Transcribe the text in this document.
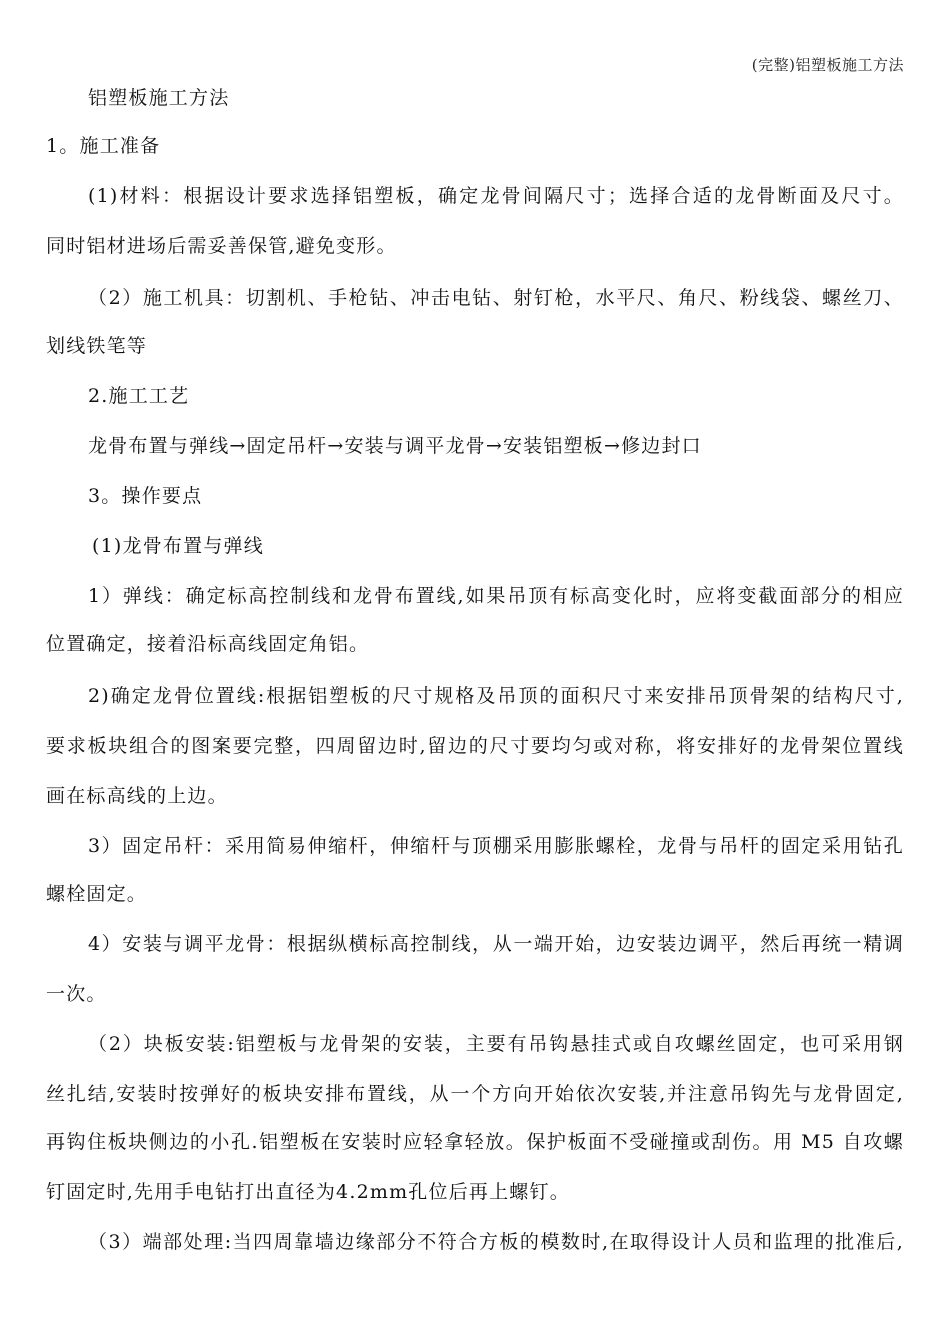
(完整)铝塑板施工方法
铝塑板施工方法
1。施工准备
(1)材料：根据设计要求选择铝塑板，确定龙骨间隔尺寸；选择合适的龙骨断面及尺寸。
同时铝材进场后需妥善保管,避免变形。
（2）施工机具：切割机、手枪钻、冲击电钻、射钉枪，水平尺、角尺、粉线袋、螺丝刀、
划线铁笔等
2.施工工艺
龙骨布置与弹线→固定吊杆→安装与调平龙骨→安装铝塑板→修边封口
3。操作要点
(1)龙骨布置与弹线
1）弹线：确定标高控制线和龙骨布置线,如果吊顶有标高变化时，应将变截面部分的相应
位置确定，接着沿标高线固定角铝。
2)确定龙骨位置线:根据铝塑板的尺寸规格及吊顶的面积尺寸来安排吊顶骨架的结构尺寸,
要求板块组合的图案要完整，四周留边时,留边的尺寸要均匀或对称，将安排好的龙骨架位置线
画在标高线的上边。
3）固定吊杆：采用简易伸缩杆，伸缩杆与顶棚采用膨胀螺栓，龙骨与吊杆的固定采用钻孔
螺栓固定。
4）安装与调平龙骨：根据纵横标高控制线，从一端开始，边安装边调平，然后再统一精调
一次。
（2）块板安装:铝塑板与龙骨架的安装，主要有吊钩悬挂式或自攻螺丝固定，也可采用钢
丝扎结,安装时按弹好的板块安排布置线，从一个方向开始依次安装,并注意吊钩先与龙骨固定,
再钩住板块侧边的小孔.铝塑板在安装时应轻拿轻放。保护板面不受碰撞或刮伤。用 M5 自攻螺
钉固定时,先用手电钻打出直径为4.2mm孔位后再上螺钉。
（3）端部处理:当四周靠墙边缘部分不符合方板的模数时,在取得设计人员和监理的批准后,
